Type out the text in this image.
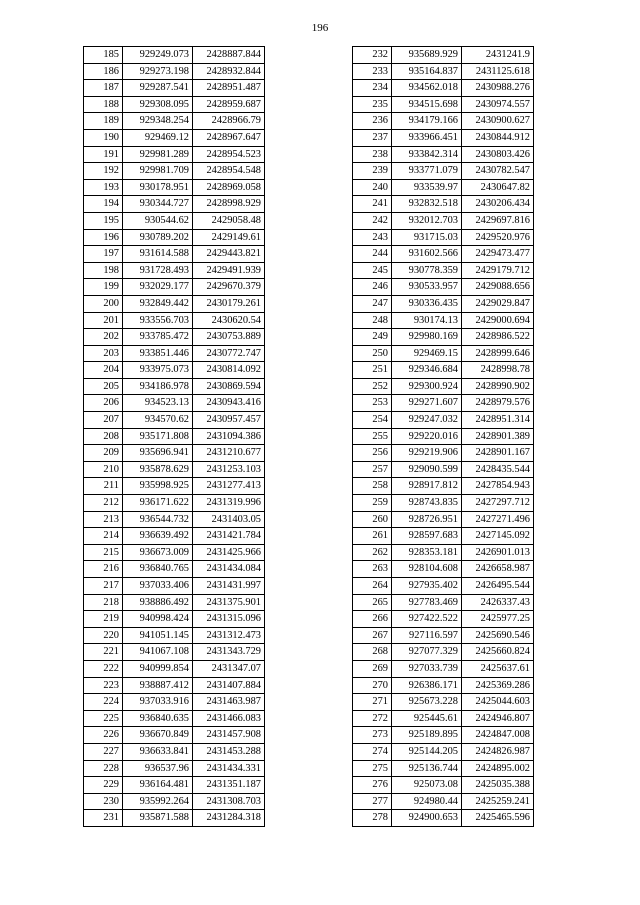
196
185	929249.073	2428887.844
186	929273.198	2428932.844
187	929287.541	2428951.487
188	929308.095	2428959.687
189	929348.254	2428966.79
190	929469.12	2428967.647
191	929981.289	2428954.523
192	929981.709	2428954.548
193	930178.951	2428969.058
194	930344.727	2428998.929
195	930544.62	2429058.48
196	930789.202	2429149.61
197	931614.588	2429443.821
198	931728.493	2429491.939
199	932029.177	2429670.379
200	932849.442	2430179.261
201	933556.703	2430620.54
202	933785.472	2430753.889
203	933851.446	2430772.747
204	933975.073	2430814.092
205	934186.978	2430869.594
206	934523.13	2430943.416
207	934570.62	2430957.457
208	935171.808	2431094.386
209	935696.941	2431210.677
210	935878.629	2431253.103
211	935998.925	2431277.413
212	936171.622	2431319.996
213	936544.732	2431403.05
214	936639.492	2431421.784
215	936673.009	2431425.966
216	936840.765	2431434.084
217	937033.406	2431431.997
218	938886.492	2431375.901
219	940998.424	2431315.096
220	941051.145	2431312.473
221	941067.108	2431343.729
222	940999.854	2431347.07
223	938887.412	2431407.884
224	937033.916	2431463.987
225	936840.635	2431466.083
226	936670.849	2431457.908
227	936633.841	2431453.288
228	936537.96	2431434.331
229	936164.481	2431351.187
230	935992.264	2431308.703
231	935871.588	2431284.318
232	935689.929	2431241.9
233	935164.837	2431125.618
234	934562.018	2430988.276
235	934515.698	2430974.557
236	934179.166	2430900.627
237	933966.451	2430844.912
238	933842.314	2430803.426
239	933771.079	2430782.547
240	933539.97	2430647.82
241	932832.518	2430206.434
242	932012.703	2429697.816
243	931715.03	2429520.976
244	931602.566	2429473.477
245	930778.359	2429179.712
246	930533.957	2429088.656
247	930336.435	2429029.847
248	930174.13	2429000.694
249	929980.169	2428986.522
250	929469.15	2428999.646
251	929346.684	2428998.78
252	929300.924	2428990.902
253	929271.607	2428979.576
254	929247.032	2428951.314
255	929220.016	2428901.389
256	929219.906	2428901.167
257	929090.599	2428435.544
258	928917.812	2427854.943
259	928743.835	2427297.712
260	928726.951	2427271.496
261	928597.683	2427145.092
262	928353.181	2426901.013
263	928104.608	2426658.987
264	927935.402	2426495.544
265	927783.469	2426337.43
266	927422.522	2425977.25
267	927116.597	2425690.546
268	927077.329	2425660.824
269	927033.739	2425637.61
270	926386.171	2425369.286
271	925673.228	2425044.603
272	925445.61	2424946.807
273	925189.895	2424847.008
274	925144.205	2424826.987
275	925136.744	2424895.002
276	925073.08	2425035.388
277	924980.44	2425259.241
278	924900.653	2425465.596
